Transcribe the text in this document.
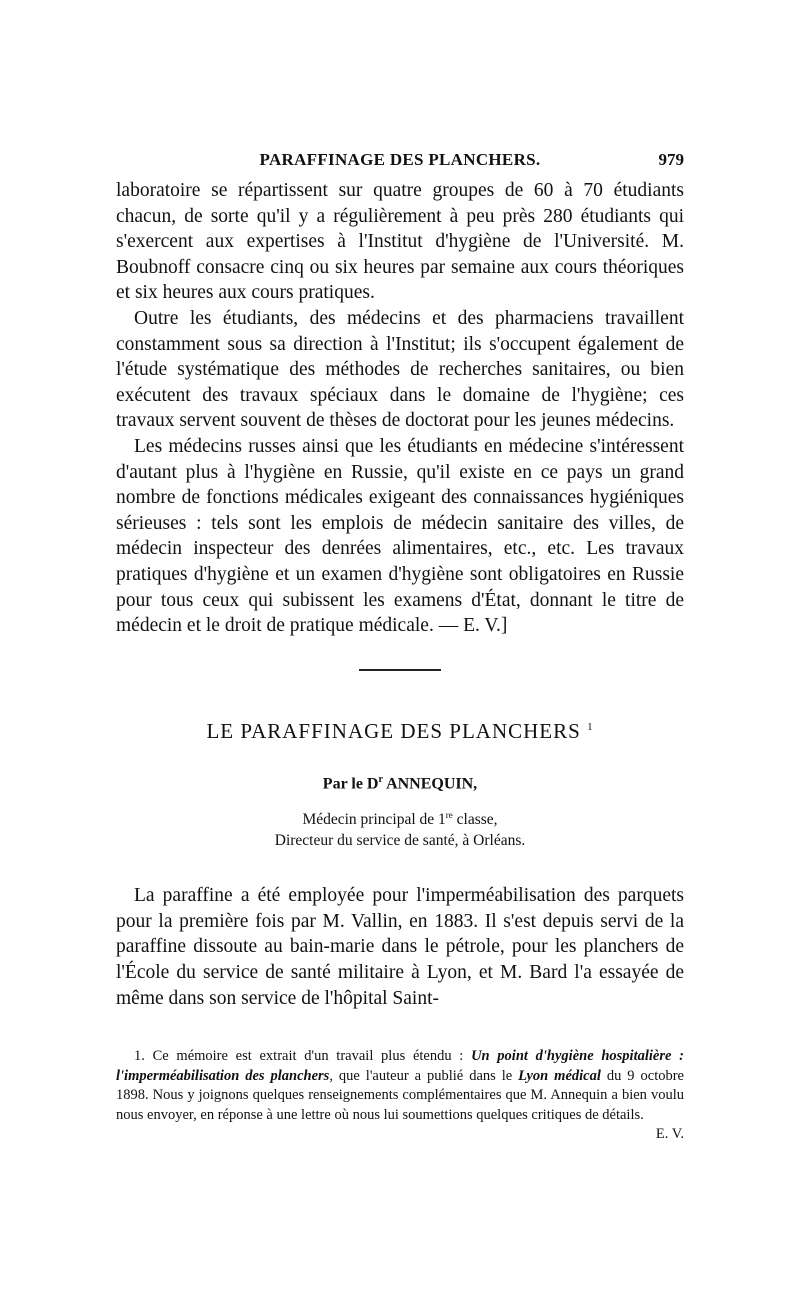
PARAFFINAGE DES PLANCHERS.	979

laboratoire se répartissent sur quatre groupes de 60 à 70 étudiants chacun, de sorte qu'il y a régulièrement à peu près 280 étudiants qui s'exercent aux expertises à l'Institut d'hygiène de l'Université. M. Boubnoff consacre cinq ou six heures par semaine aux cours théoriques et six heures aux cours pratiques.

Outre les étudiants, des médecins et des pharmaciens travaillent constamment sous sa direction à l'Institut; ils s'occupent également de l'étude systématique des méthodes de recherches sanitaires, ou bien exécutent des travaux spéciaux dans le domaine de l'hygiène; ces travaux servent souvent de thèses de doctorat pour les jeunes médecins.

Les médecins russes ainsi que les étudiants en médecine s'intéressent d'autant plus à l'hygiène en Russie, qu'il existe en ce pays un grand nombre de fonctions médicales exigeant des connaissances hygiéniques sérieuses : tels sont les emplois de médecin sanitaire des villes, de médecin inspecteur des denrées alimentaires, etc., etc. Les travaux pratiques d'hygiène et un examen d'hygiène sont obligatoires en Russie pour tous ceux qui subissent les examens d'État, donnant le titre de médecin et le droit de pratique médicale. — E. V.]

LE PARAFFINAGE DES PLANCHERS $^1$
Par le $D^r$ ANNEQUIN,
Médecin principal de 1re classe,
Directeur du service de santé, à Orléans.

La paraffine a été employée pour l'imperméabilisation des parquets pour la première fois par M. Vallin, en 1883. Il s'est depuis servi de la paraffine dissoute au bain-marie dans le pétrole, pour les planchers de l'École du service de santé militaire à Lyon, et M. Bard l'a essayée de même dans son service de l'hôpital Saint-

1. Ce mémoire est extrait d'un travail plus étendu : Un point d'hygiène hospitalière : l'imperméabilisation des planchers, que l'auteur a publié dans le Lyon médical du 9 octobre 1898. Nous y joignons quelques renseignements complémentaires que M. Annequin a bien voulu nous envoyer, en réponse à une lettre où nous lui soumettions quelques critiques de détails.
E. V.
